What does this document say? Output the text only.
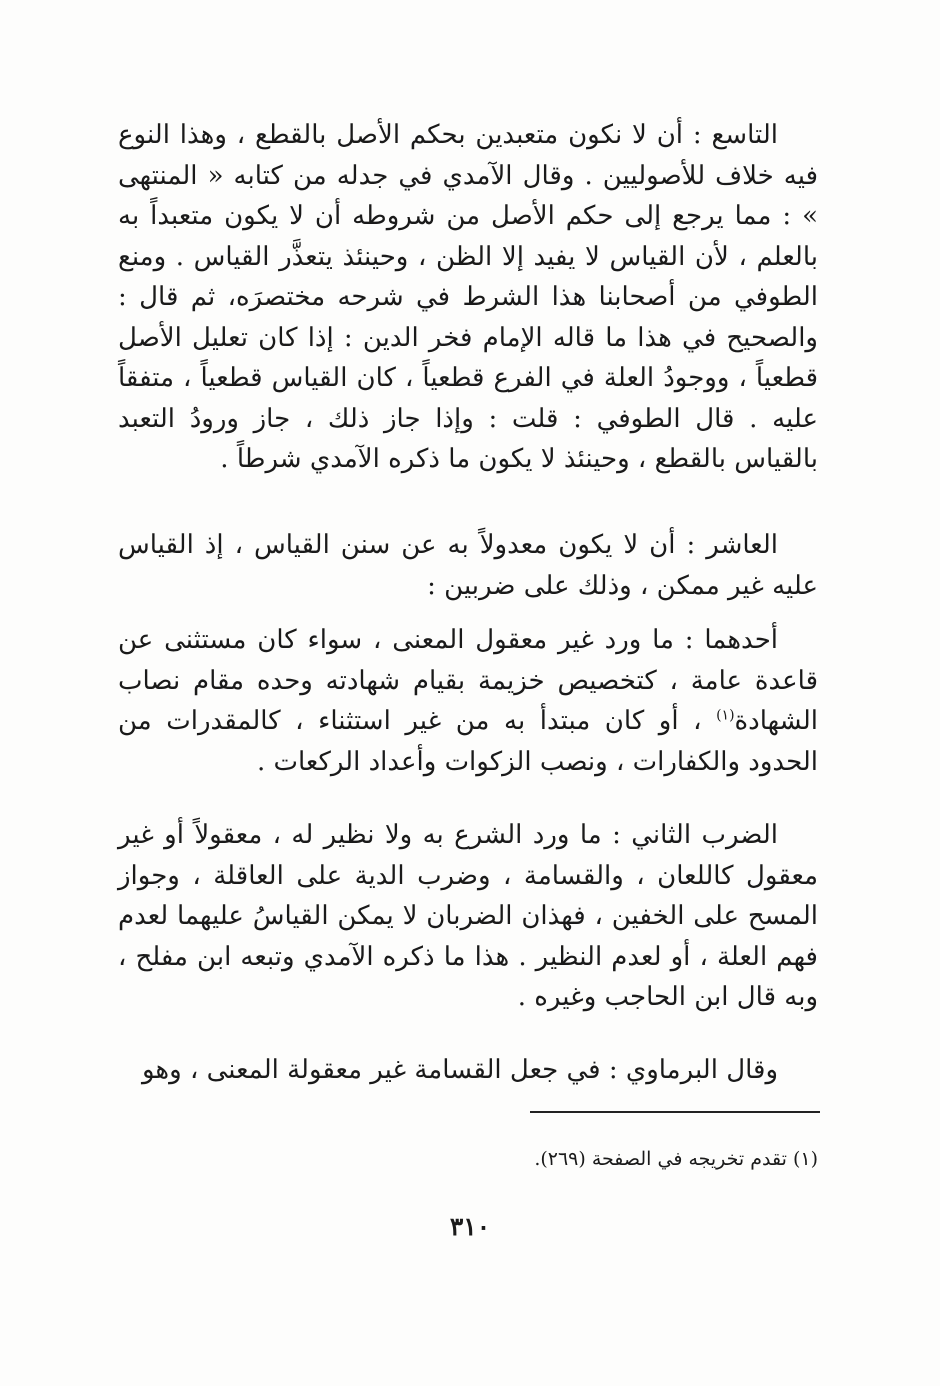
التاسع : أن لا نكون متعبدين بحكم الأصل بالقطع ، وهذا النوع فيه خلاف للأصوليين . وقال الآمدي في جدله من كتابه « المنتهى » : مما يرجع إلى حكم الأصل من شروطه أن لا يكون متعبداً به بالعلم ، لأن القياس لا يفيد إلا الظن ، وحينئذ يتعذَّر القياس . ومنع الطوفي من أصحابنا هذا الشرط في شرحه مختصرَه، ثم قال : والصحيح في هذا ما قاله الإمام فخر الدين : إذا كان تعليل الأصل قطعياً ، ووجودُ العلة في الفرع قطعياً ، كان القياس قطعياً ، متفقاً عليه . قال الطوفي : قلت : وإذا جاز ذلك ، جاز ورودُ التعبد بالقياس بالقطع ، وحينئذ لا يكون ما ذكره الآمدي شرطاً .

العاشر : أن لا يكون معدولاً به عن سنن القياس ، إذ القياس عليه غير ممكن ، وذلك على ضربين :

أحدهما : ما ورد غير معقول المعنى ، سواء كان مستثنى عن قاعدة عامة ، كتخصيص خزيمة بقيام شهادته وحده مقام نصاب الشهادة$^{(١)}$ ، أو كان مبتدأ به من غير استثناء ، كالمقدرات من الحدود والكفارات ، ونصب الزكوات وأعداد الركعات .

الضرب الثاني : ما ورد الشرع به ولا نظير له ، معقولاً أو غير معقول كاللعان ، والقسامة ، وضرب الدية على العاقلة ، وجواز المسح على الخفين ، فهذان الضربان لا يمكن القياسُ عليهما لعدم فهم العلة ، أو لعدم النظير . هذا ما ذكره الآمدي وتبعه ابن مفلح ، وبه قال ابن الحاجب وغيره .

وقال البرماوي : في جعل القسامة غير معقولة المعنى ، وهو

(١) تقدم تخريجه في الصفحة (٢٦٩).
٣١٠
